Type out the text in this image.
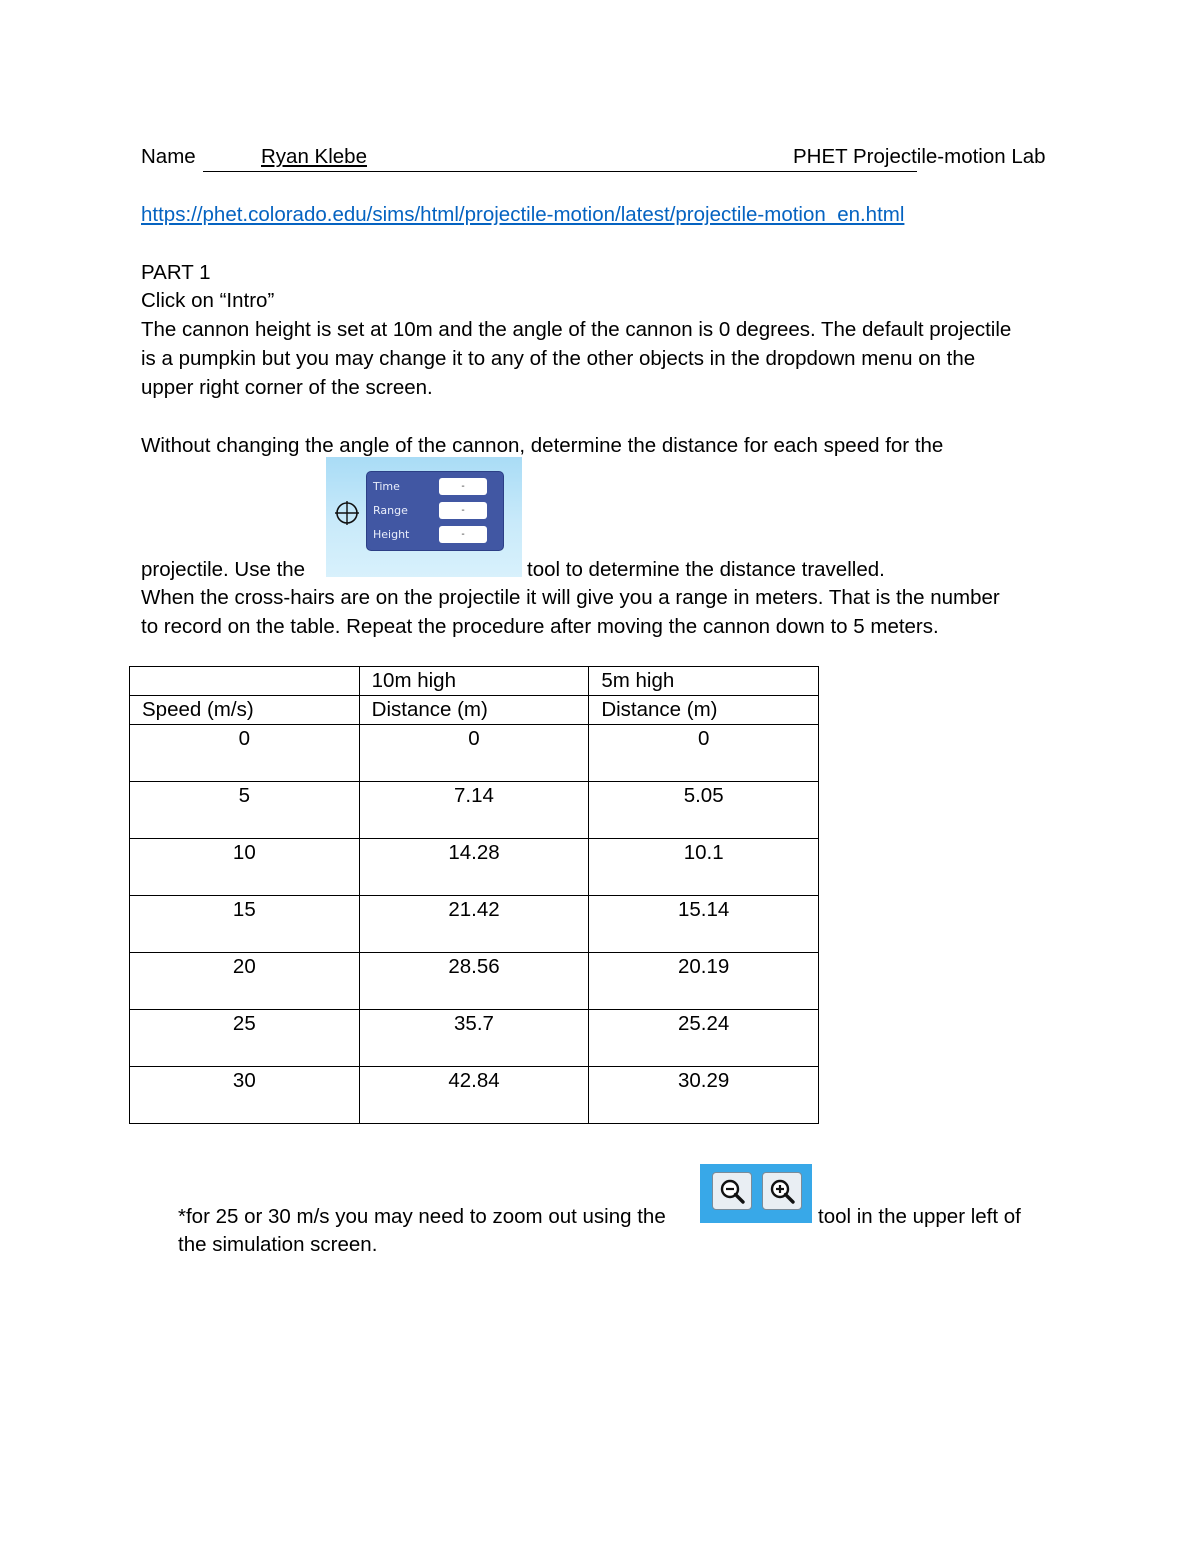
Name	Ryan Klebe	PHET Projectile-motion Lab
https://phet.colorado.edu/sims/html/projectile-motion/latest/projectile-motion_en.html
PART 1
Click on “Intro”
The cannon height is set at 10m and the angle of the cannon is 0 degrees. The default projectile
is a pumpkin but you may change it to any of the other objects in the dropdown menu on the
upper right corner of the screen.
Without changing the angle of the cannon, determine the distance for each speed for the
Time	-
Range	-
Height	-
projectile. Use the	tool to determine the distance travelled.
When the cross-hairs are on the projectile it will give you a range in meters. That is the number
to record on the table. Repeat the procedure after moving the cannon down to 5 meters.
	10m high	5m high
Speed (m/s)	Distance (m)	Distance (m)
0	0	0
5	7.14	5.05
10	14.28	10.1
15	21.42	15.14
20	28.56	20.19
25	35.7	25.24
30	42.84	30.29
*for 25 or 30 m/s you may need to zoom out using the	tool in the upper left of
the simulation screen.
